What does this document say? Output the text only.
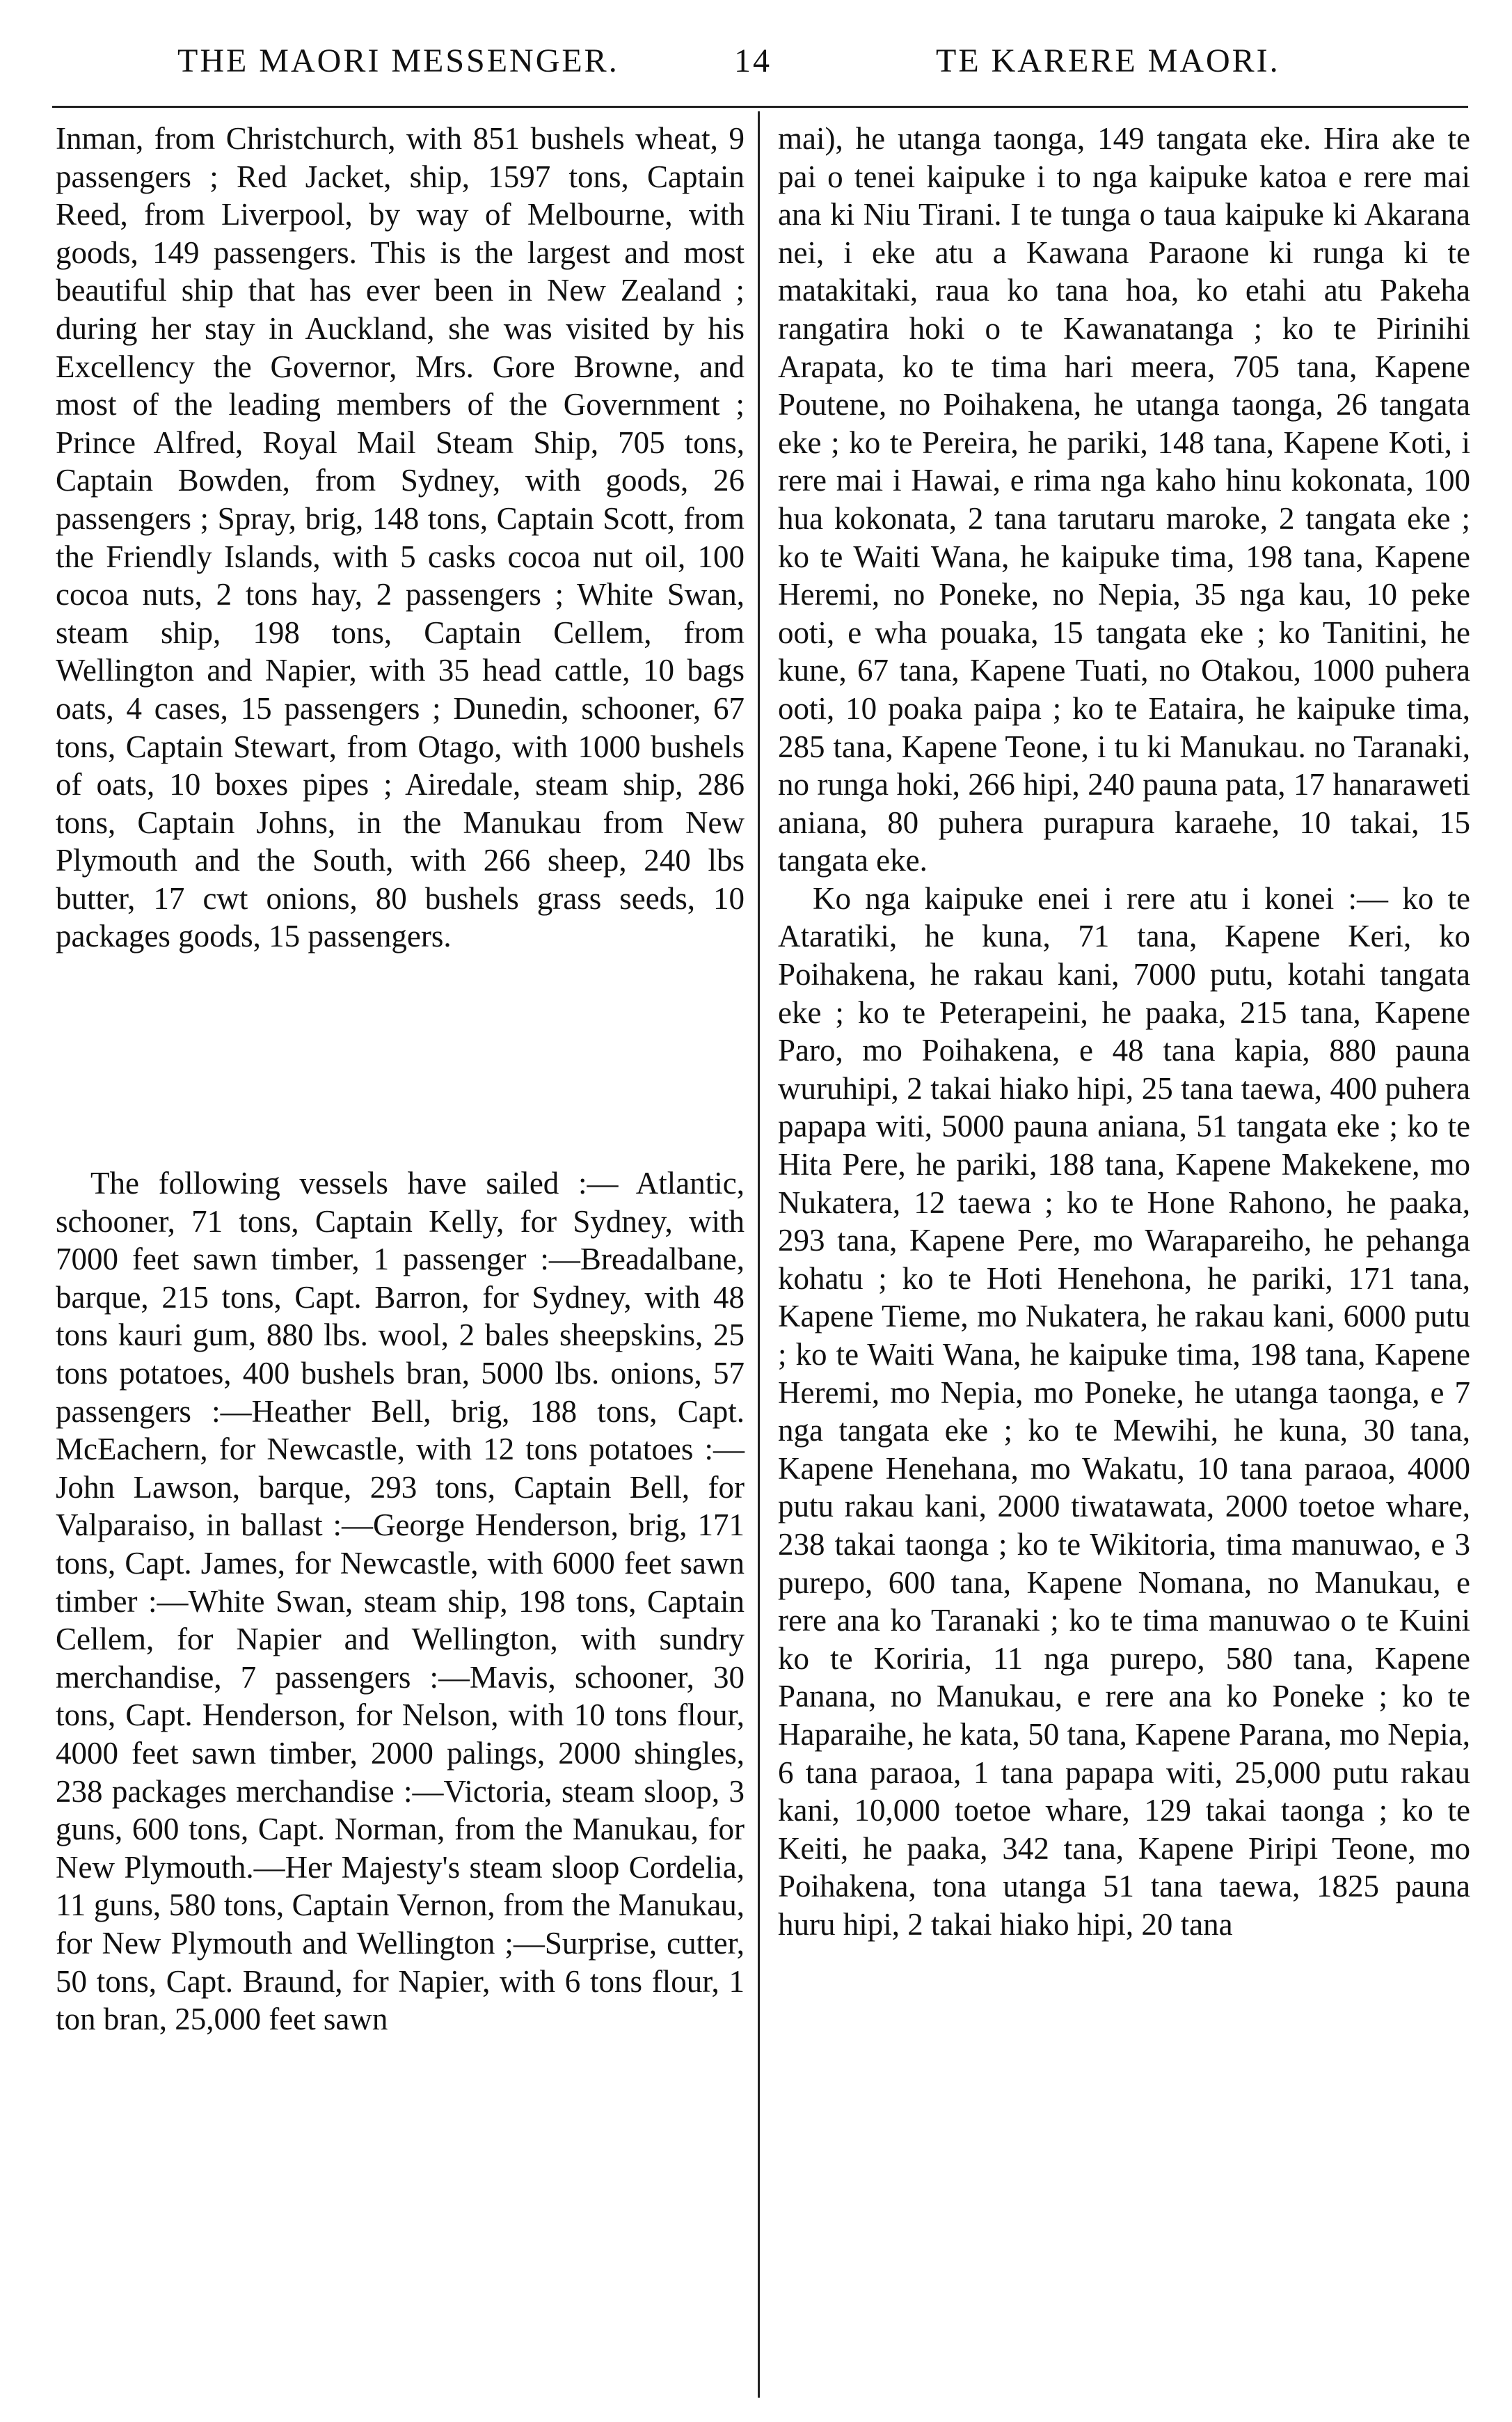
THE MAORI MESSENGER.	14	TE KARERE MAORI.

Inman, from Christchurch, with 851 bushels wheat, 9 passengers ; Red Jacket, ship, 1597 tons, Captain Reed, from Liverpool, by way of Melbourne, with goods, 149 passengers. This is the largest and most beautiful ship that has ever been in New Zealand ; during her stay in Auckland, she was visited by his Excellency the Governor, Mrs. Gore Browne, and most of the leading members of the Government ; Prince Alfred, Royal Mail Steam Ship, 705 tons, Captain Bowden, from Sydney, with goods, 26 passengers ; Spray, brig, 148 tons, Captain Scott, from the Friendly Islands, with 5 casks cocoa nut oil, 100 cocoa nuts, 2 tons hay, 2 passengers ; White Swan, steam ship, 198 tons, Captain Cellem, from Wellington and Napier, with 35 head cattle, 10 bags oats, 4 cases, 15 passengers ; Dunedin, schooner, 67 tons, Captain Stewart, from Otago, with 1000 bushels of oats, 10 boxes pipes ; Airedale, steam ship, 286 tons, Captain Johns, in the Manukau from New Plymouth and the South, with 266 sheep, 240 lbs butter, 17 cwt onions, 80 bushels grass seeds, 10 packages goods, 15 passengers.

The following vessels have sailed :— Atlantic, schooner, 71 tons, Captain Kelly, for Sydney, with 7000 feet sawn timber, 1 passenger :—Breadalbane, barque, 215 tons, Capt. Barron, for Sydney, with 48 tons kauri gum, 880 lbs. wool, 2 bales sheepskins, 25 tons potatoes, 400 bushels bran, 5000 lbs. onions, 57 passengers :—Heather Bell, brig, 188 tons, Capt. McEachern, for Newcastle, with 12 tons potatoes :—John Lawson, barque, 293 tons, Captain Bell, for Valparaiso, in ballast :—George Henderson, brig, 171 tons, Capt. James, for Newcastle, with 6000 feet sawn timber :—White Swan, steam ship, 198 tons, Captain Cellem, for Napier and Wellington, with sundry merchandise, 7 passengers :—Mavis, schooner, 30 tons, Capt. Henderson, for Nelson, with 10 tons flour, 4000 feet sawn timber, 2000 palings, 2000 shingles, 238 packages merchandise :—Victoria, steam sloop, 3 guns, 600 tons, Capt. Norman, from the Manukau, for New Plymouth.—Her Majesty's steam sloop Cordelia, 11 guns, 580 tons, Captain Vernon, from the Manukau, for New Plymouth and Wellington ;—Surprise, cutter, 50 tons, Capt. Braund, for Napier, with 6 tons flour, 1 ton bran, 25,000 feet sawn

mai), he utanga taonga, 149 tangata eke. Hira ake te pai o tenei kaipuke i to nga kaipuke katoa e rere mai ana ki Niu Tirani. I te tunga o taua kaipuke ki Akarana nei, i eke atu a Kawana Paraone ki runga ki te matakitaki, raua ko tana hoa, ko etahi atu Pakeha rangatira hoki o te Kawanatanga ; ko te Pirinihi Arapata, ko te tima hari meera, 705 tana, Kapene Poutene, no Poihakena, he utanga taonga, 26 tangata eke ; ko te Pereira, he pariki, 148 tana, Kapene Koti, i rere mai i Hawai, e rima nga kaho hinu kokonata, 100 hua kokonata, 2 tana tarutaru maroke, 2 tangata eke ; ko te Waiti Wana, he kaipuke tima, 198 tana, Kapene Heremi, no Poneke, no Nepia, 35 nga kau, 10 peke ooti, e wha pouaka, 15 tangata eke ; ko Tanitini, he kune, 67 tana, Kapene Tuati, no Otakou, 1000 puhera ooti, 10 poaka paipa ; ko te Eataira, he kaipuke tima, 285 tana, Kapene Teone, i tu ki Manukau. no Taranaki, no runga hoki, 266 hipi, 240 pauna pata, 17 hanaraweti aniana, 80 puhera purapura karaehe, 10 takai, 15 tangata eke.

Ko nga kaipuke enei i rere atu i konei :— ko te Ataratiki, he kuna, 71 tana, Kapene Keri, ko Poihakena, he rakau kani, 7000 putu, kotahi tangata eke ; ko te Peterapeini, he paaka, 215 tana, Kapene Paro, mo Poihakena, e 48 tana kapia, 880 pauna wuruhipi, 2 takai hiako hipi, 25 tana taewa, 400 puhera papapa witi, 5000 pauna aniana, 51 tangata eke ; ko te Hita Pere, he pariki, 188 tana, Kapene Makekene, mo Nukatera, 12 taewa ; ko te Hone Rahono, he paaka, 293 tana, Kapene Pere, mo Warapareiho, he pehanga kohatu ; ko te Hoti Henehona, he pariki, 171 tana, Kapene Tieme, mo Nukatera, he rakau kani, 6000 putu ; ko te Waiti Wana, he kaipuke tima, 198 tana, Kapene Heremi, mo Nepia, mo Poneke, he utanga taonga, e 7 nga tangata eke ; ko te Mewihi, he kuna, 30 tana, Kapene Henehana, mo Wakatu, 10 tana paraoa, 4000 putu rakau kani, 2000 tiwatawata, 2000 toetoe whare, 238 takai taonga ; ko te Wikitoria, tima manuwao, e 3 purepo, 600 tana, Kapene Nomana, no Manukau, e rere ana ko Taranaki ; ko te tima manuwao o te Kuini ko te Koriria, 11 nga purepo, 580 tana, Kapene Panana, no Manukau, e rere ana ko Poneke ; ko te Haparaihe, he kata, 50 tana, Kapene Parana, mo Nepia, 6 tana paraoa, 1 tana papapa witi, 25,000 putu rakau kani, 10,000 toetoe whare, 129 takai taonga ; ko te Keiti, he paaka, 342 tana, Kapene Piripi Teone, mo Poihakena, tona utanga 51 tana taewa, 1825 pauna huru hipi, 2 takai hiako hipi, 20 tana
